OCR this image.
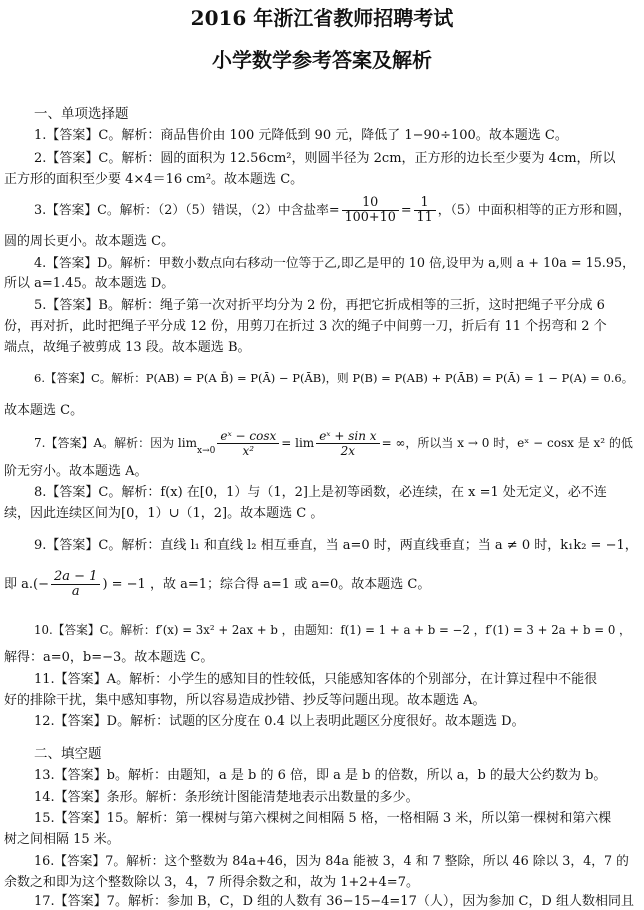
2016 年浙江省教师招聘考试
小学数学参考答案及解析
一、单项选择题
1.【答案】C。解析：商品售价由 100 元降低到 90 元，降低了 1−90÷100。故本题选 C。
2.【答案】C。解析：圆的面积为 12.56cm²，则圆半径为 2cm，正方形的边长至少要为 4cm，所以
正方形的面积至少要 4×4＝16 cm²。故本题选 C。
3.【答案】C。解析：（2）（5）错误，（2）中含盐率= $\frac{10}{100+10} = \frac{1}{11}$ ，（5）中面积相等的正方形和圆，
圆的周长更小。故本题选 C。
4.【答案】D。解析：甲数小数点向右移动一位等于乙,即乙是甲的 10 倍,设甲为 a,则 a + 10a = 15.95，
所以 a=1.45。故本题选 D。
5.【答案】B。解析：绳子第一次对折平均分为 2 份，再把它折成相等的三折，这时把绳子平分成 6
份，再对折，此时把绳子平分成 12 份，用剪刀在折过 3 次的绳子中间剪一刀，折后有 11 个拐弯和 2 个
端点，故绳子被剪成 13 段。故本题选 B。
6.【答案】C。解析：P(AB) = P(A B̄) = P(Ā) − P(ĀB)，则 P(B) = P(AB) + P(ĀB) = P(Ā) = 1 − P(A) = 0.6。
故本题选 C。
7.【答案】A。解析：因为 $\lim_{x\to 0} \frac{\text{eˣ − cosx}}{\text{x²}} = \lim \frac{\text{eˣ + sin x}}{2x}$ = ∞，所以当 x → 0 时，eˣ − cosx 是 x² 的低
阶无穷小。故本题选 A。
8.【答案】C。解析：f(x) 在[0，1）与（1，2]上是初等函数，必连续，在 x =1 处无定义，必不连
续，因此连续区间为[0，1）∪（1，2]。故本题选 C 。
9.【答案】C。解析：直线 l₁ 和直线 l₂ 相互垂直，当 a=0 时，两直线垂直；当 a ≠ 0 时，k₁k₂ = −1，
即 $a.(- \frac{2a - 1}{a}$ ) = −1 ，故 a=1；综合得 a=1 或 a=0。故本题选 C。
10.【答案】C。解析：f′(x) = 3x² + 2ax + b ，由题知：f(1) = 1 + a + b = −2 ，f′(1) = 3 + 2a + b = 0 ，
解得：a=0，b=−3。故本题选 C。
11.【答案】A。解析：小学生的感知目的性较低，只能感知客体的个别部分，在计算过程中不能很
好的排除干扰，集中感知事物，所以容易造成抄错、抄反等问题出现。故本题选 A。
12.【答案】D。解析：试题的区分度在 0.4 以上表明此题区分度很好。故本题选 D。
二、填空题
13.【答案】b。解析：由题知，a 是 b 的 6 倍，即 a 是 b 的倍数，所以 a，b 的最大公约数为 b。
14.【答案】条形。解析：条形统计图能清楚地表示出数量的多少。
15.【答案】15。解析：第一棵树与第六棵树之间相隔 5 格，一格相隔 3 米，所以第一棵树和第六棵
树之间相隔 15 米。
16.【答案】7。解析：这个整数为 84a+46，因为 84a 能被 3，4 和 7 整除，所以 46 除以 3，4，7 的
余数之和即为这个整数除以 3，4，7 所得余数之和，故为 1+2+4=7。
17.【答案】7。解析：参加 B，C，D 组的人数有 36−15−4=17（人），因为参加 C，D 组人数相同且
